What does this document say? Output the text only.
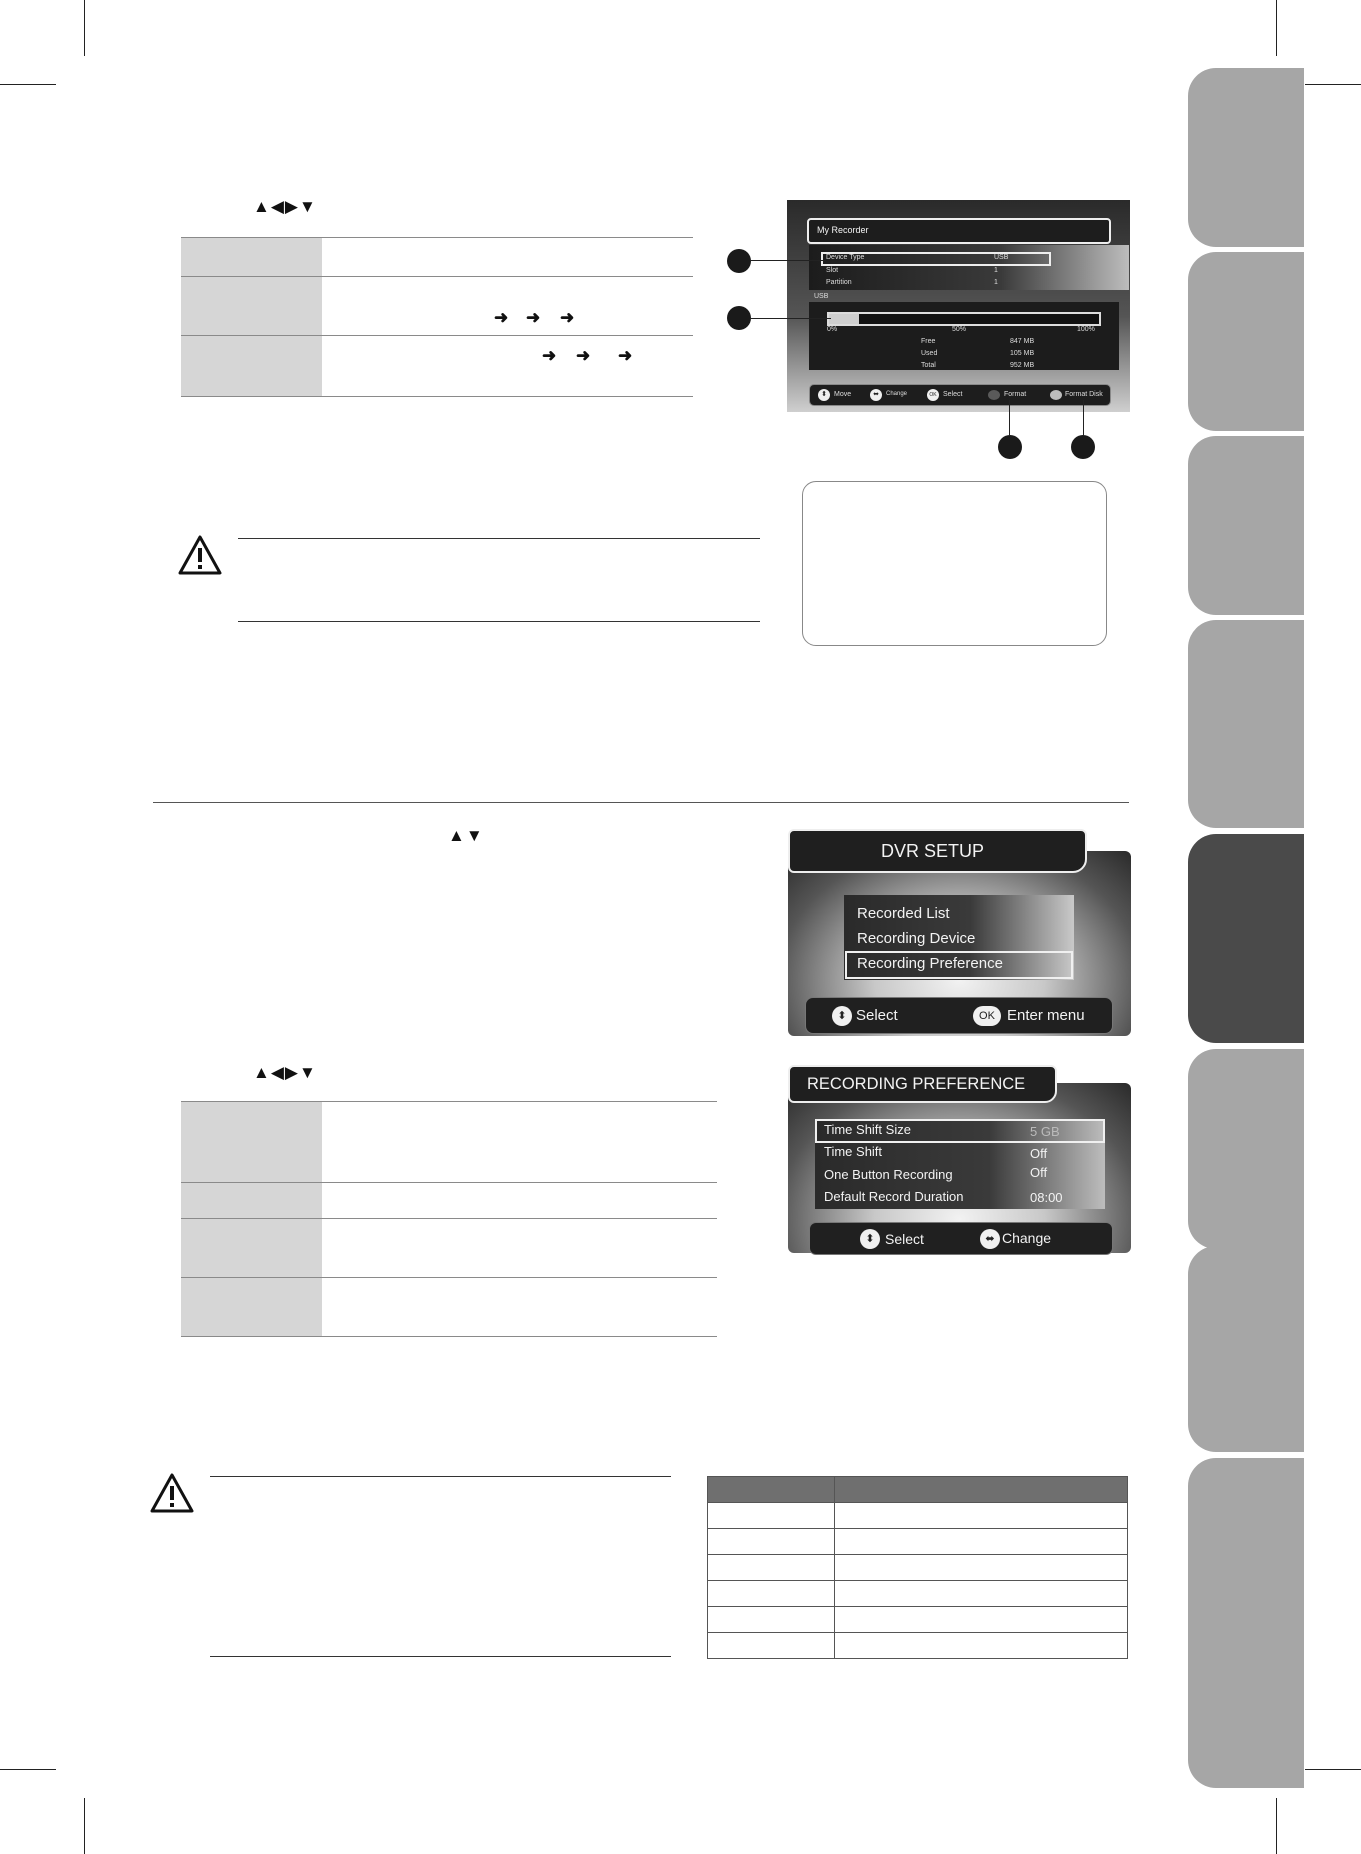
▲◀▶▼

➜ ➜ ➜
➜ ➜ ➜
My Recorder
Device Type	USB
Slot	1
Partition	1
USB
0%	50%	100%
Free	847 MB
Used	105 MB
Total	952 MB
⬍	Move	⬌	Change	OK Select	Format	Format Disk
▲▼
DVR SETUP
Recorded List
Recording Device
Recording Preference
⬍ Select	OK Enter menu
▲◀▶▼

RECORDING PREFERENCE
Time Shift Size	5 GB
Time Shift	Off
One Button Recording	Off
Default Record Duration	08:00
⬍ Select	⬌ Change
